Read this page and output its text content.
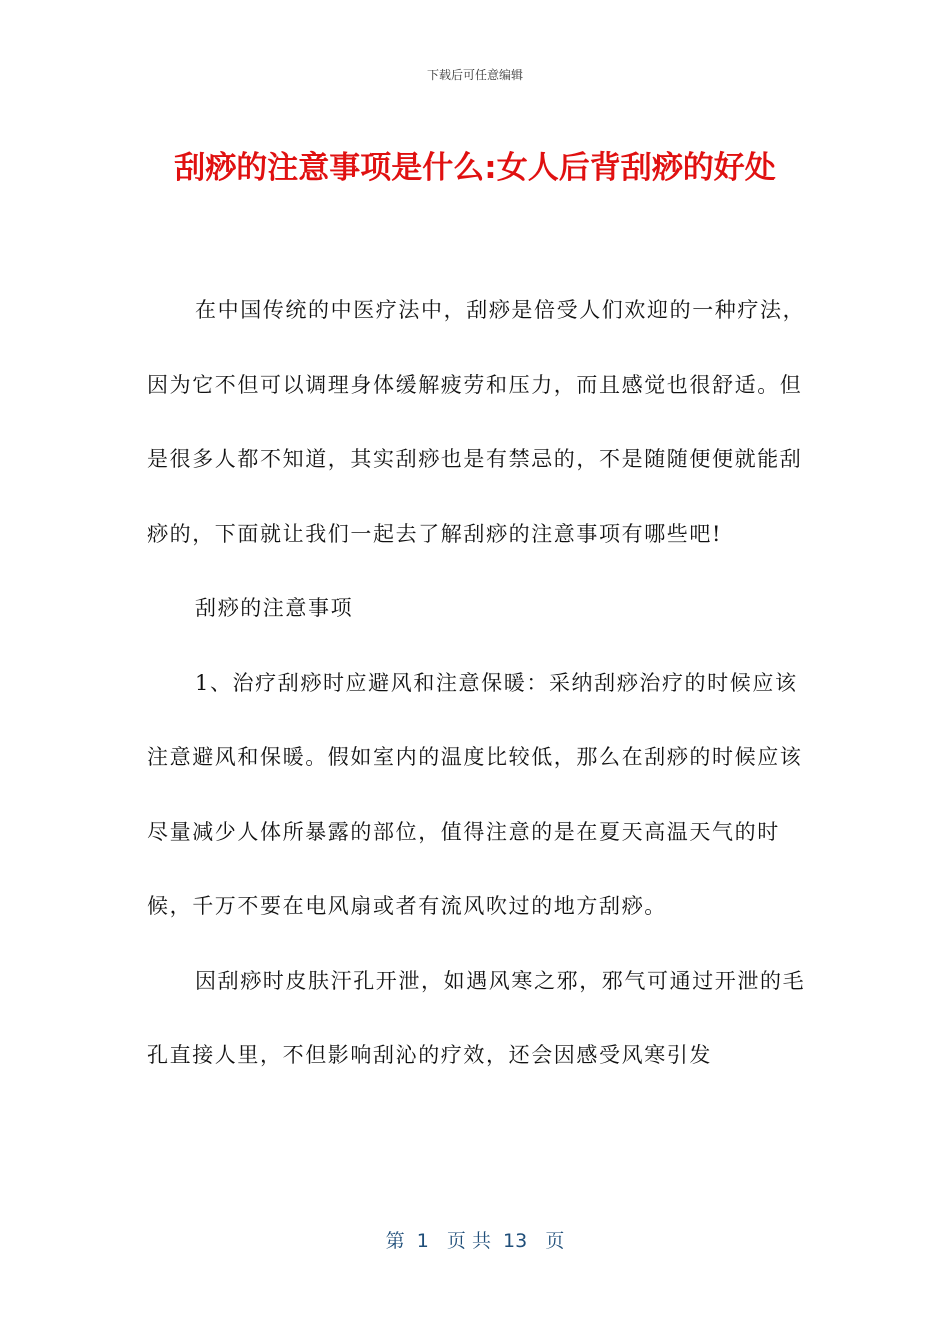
下载后可任意编辑
刮痧的注意事项是什么:女人后背刮痧的好处

在中国传统的中医疗法中，刮痧是倍受人们欢迎的一种疗法，因为它不但可以调理身体缓解疲劳和压力，而且感觉也很舒适。但是很多人都不知道，其实刮痧也是有禁忌的，不是随随便便就能刮痧的，下面就让我们一起去了解刮痧的注意事项有哪些吧!

刮痧的注意事项

1、治疗刮痧时应避风和注意保暖：采纳刮痧治疗的时候应该注意避风和保暖。假如室内的温度比较低，那么在刮痧的时候应该尽量减少人体所暴露的部位，值得注意的是在夏天高温天气的时候，千万不要在电风扇或者有流风吹过的地方刮痧。

因刮痧时皮肤汗孔开泄，如遇风寒之邪，邪气可通过开泄的毛孔直接人里，不但影响刮沁的疗效，还会因感受风寒引发

第  1   页 共  13   页
